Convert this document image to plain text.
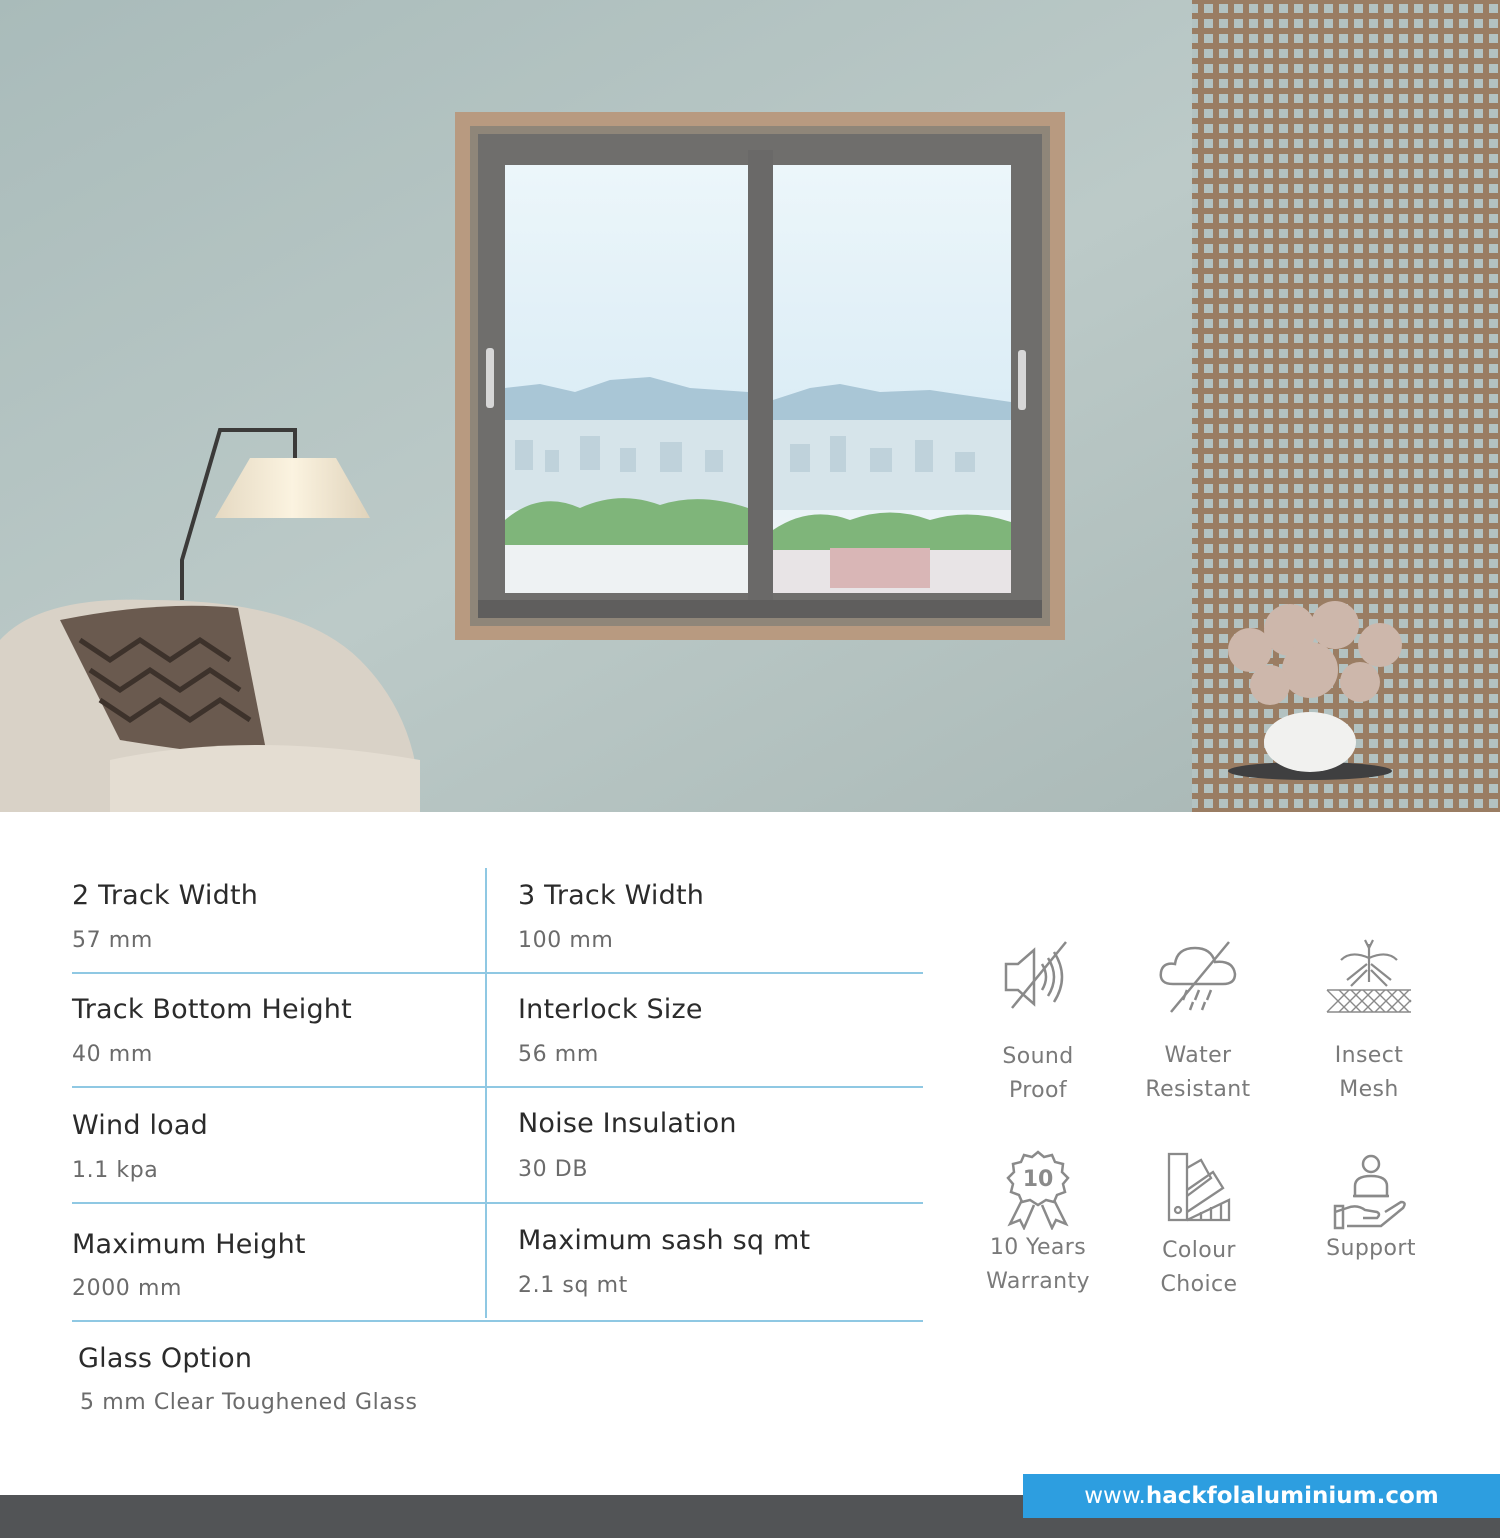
2 Track Width
57 mm
3 Track Width
100 mm
Track Bottom Height
40 mm
Interlock Size
56 mm
Wind load
1.1 kpa
Noise Insulation
30 DB
Maximum Height
2000 mm
Maximum sash sq mt
2.1 sq mt
Glass Option
5 mm Clear Toughened Glass
Sound
Proof
Water
Resistant
Insect
Mesh
10
10 Years
Warranty
Colour
Choice
Support
www.hackfolaluminium.com
